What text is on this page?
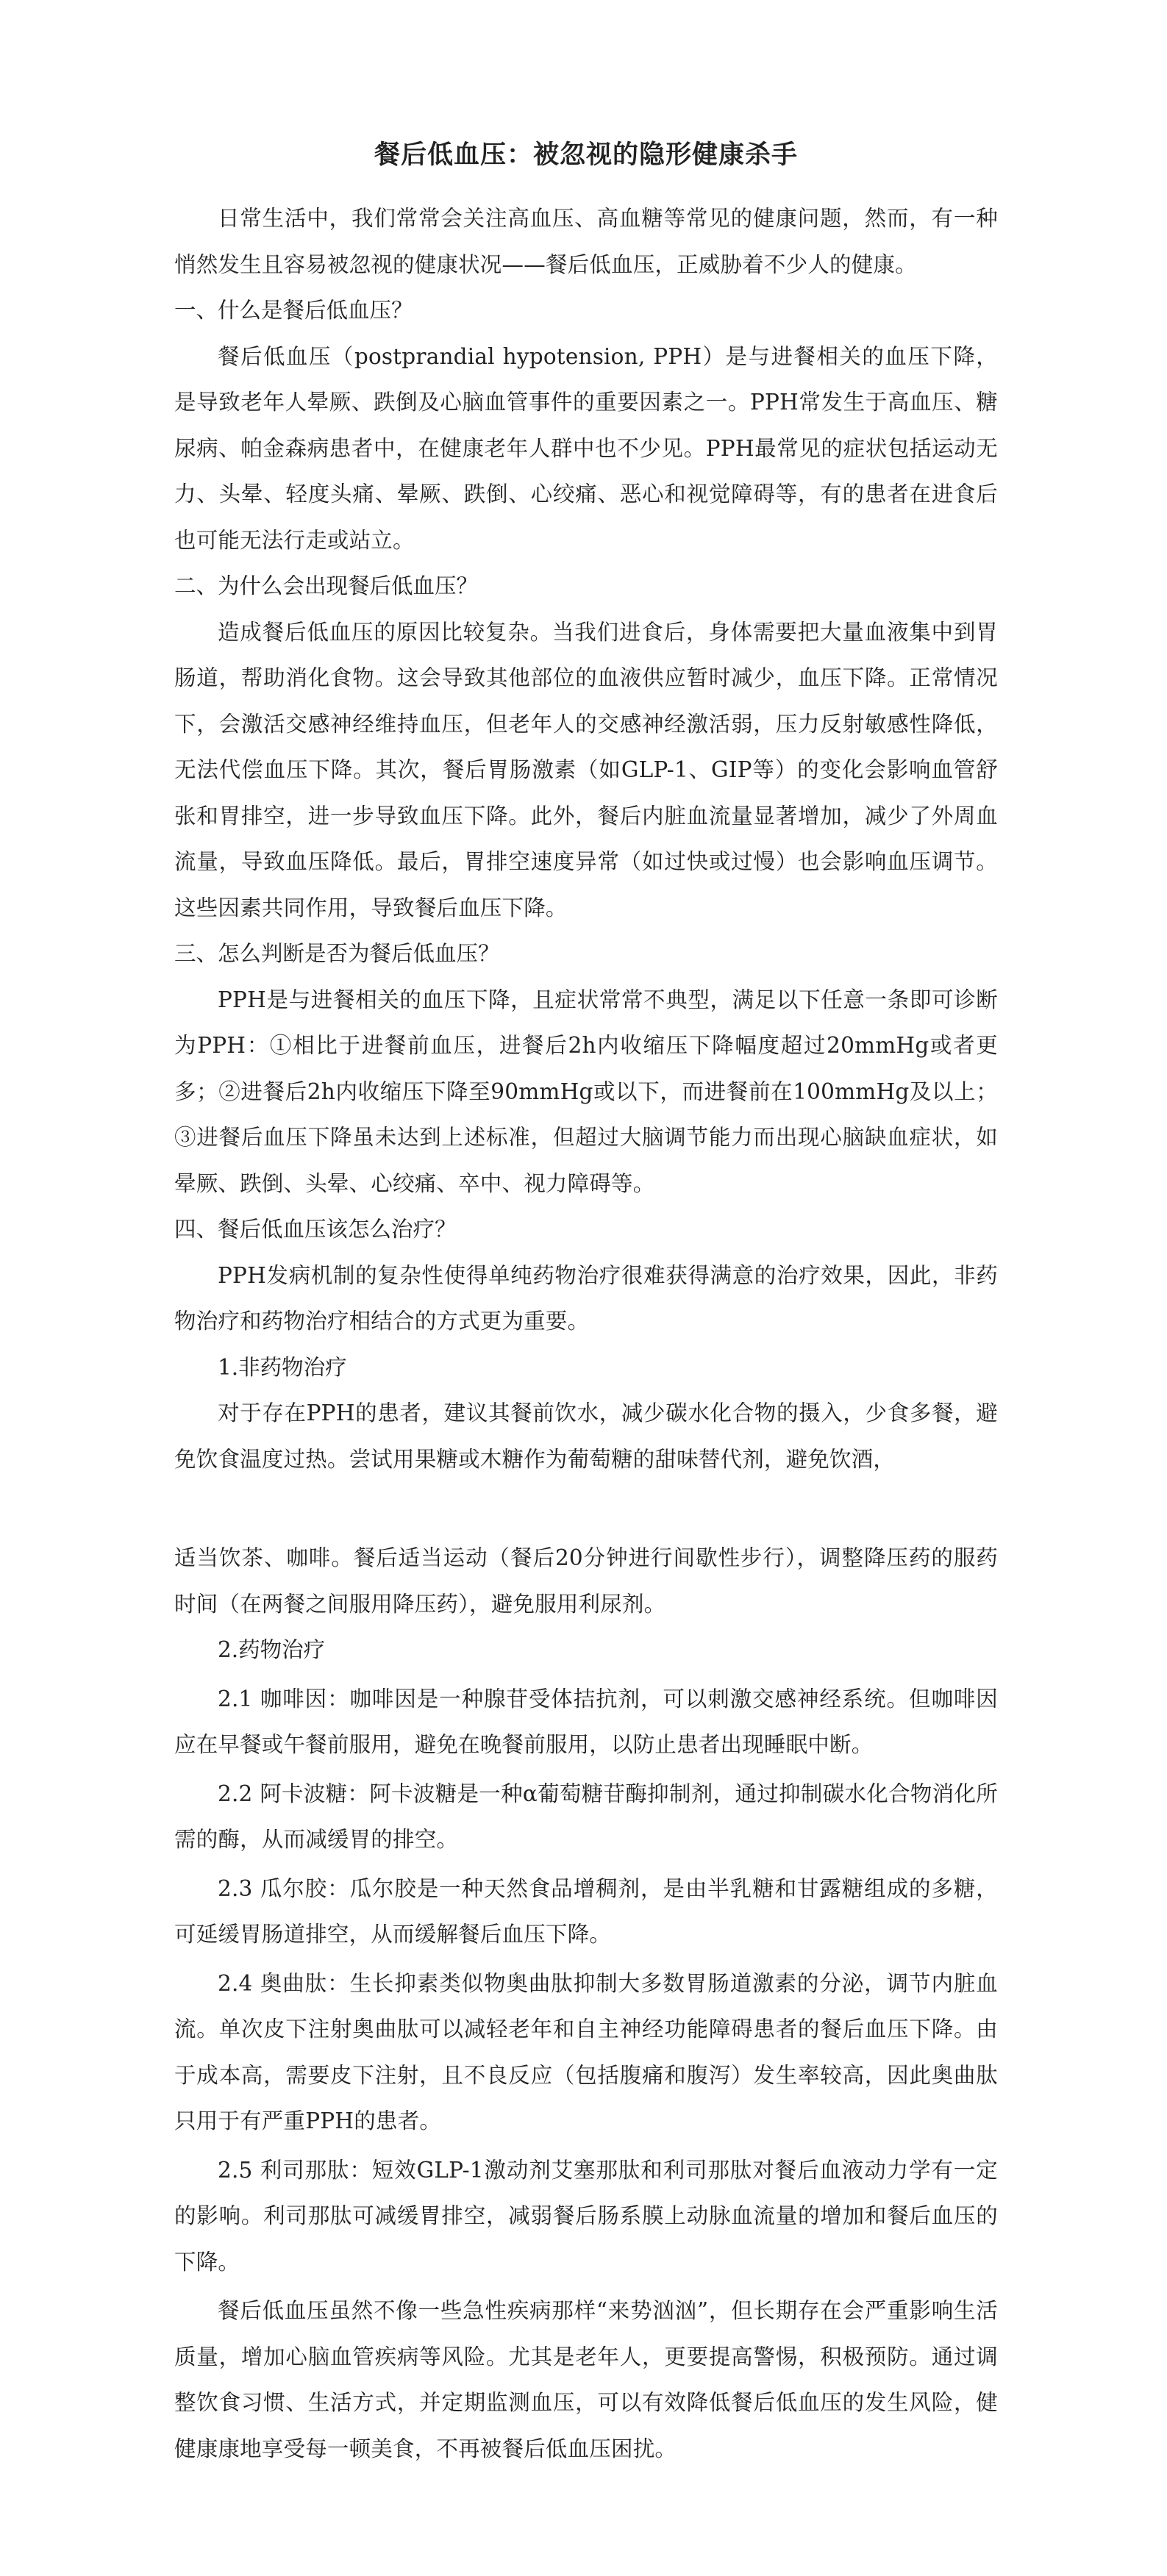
餐后低血压：被忽视的隐形健康杀手

日常生活中，我们常常会关注高血压、高血糖等常见的健康问题，然而，有一种悄然发生且容易被忽视的健康状况——餐后低血压，正威胁着不少人的健康。

一、什么是餐后低血压？

餐后低血压（postprandial hypotension, PPH）是与进餐相关的血压下降，是导致老年人晕厥、跌倒及心脑血管事件的重要因素之一。PPH常发生于高血压、糖尿病、帕金森病患者中，在健康老年人群中也不少见。PPH最常见的症状包括运动无力、头晕、轻度头痛、晕厥、跌倒、心绞痛、恶心和视觉障碍等，有的患者在进食后也可能无法行走或站立。

二、为什么会出现餐后低血压？

造成餐后低血压的原因比较复杂。当我们进食后，身体需要把大量血液集中到胃肠道，帮助消化食物。这会导致其他部位的血液供应暂时减少，血压下降。正常情况下，会激活交感神经维持血压，但老年人的交感神经激活弱，压力反射敏感性降低，无法代偿血压下降。其次，餐后胃肠激素（如GLP-1、GIP等）的变化会影响血管舒张和胃排空，进一步导致血压下降。此外，餐后内脏血流量显著增加，减少了外周血流量，导致血压降低。最后，胃排空速度异常（如过快或过慢）也会影响血压调节。这些因素共同作用，导致餐后血压下降。

三、怎么判断是否为餐后低血压？

PPH是与进餐相关的血压下降，且症状常常不典型，满足以下任意一条即可诊断为PPH：①相比于进餐前血压，进餐后2h内收缩压下降幅度超过20mmHg或者更多；②进餐后2h内收缩压下降至90mmHg或以下，而进餐前在100mmHg及以上；③进餐后血压下降虽未达到上述标准，但超过大脑调节能力而出现心脑缺血症状，如晕厥、跌倒、头晕、心绞痛、卒中、视力障碍等。

四、餐后低血压该怎么治疗？

PPH发病机制的复杂性使得单纯药物治疗很难获得满意的治疗效果，因此，非药物治疗和药物治疗相结合的方式更为重要。

1.非药物治疗

对于存在PPH的患者，建议其餐前饮水，减少碳水化合物的摄入，少食多餐，避免饮食温度过热。尝试用果糖或木糖作为葡萄糖的甜味替代剂，避免饮酒，

适当饮茶、咖啡。餐后适当运动（餐后20分钟进行间歇性步行），调整降压药的服药时间（在两餐之间服用降压药），避免服用利尿剂。

2.药物治疗

2.1 咖啡因：咖啡因是一种腺苷受体拮抗剂，可以刺激交感神经系统。但咖啡因应在早餐或午餐前服用，避免在晚餐前服用，以防止患者出现睡眠中断。

2.2 阿卡波糖：阿卡波糖是一种α葡萄糖苷酶抑制剂，通过抑制碳水化合物消化所需的酶，从而减缓胃的排空。

2.3 瓜尔胶：瓜尔胶是一种天然食品增稠剂，是由半乳糖和甘露糖组成的多糖，可延缓胃肠道排空，从而缓解餐后血压下降。

2.4 奥曲肽：生长抑素类似物奥曲肽抑制大多数胃肠道激素的分泌，调节内脏血流。单次皮下注射奥曲肽可以减轻老年和自主神经功能障碍患者的餐后血压下降。由于成本高，需要皮下注射，且不良反应（包括腹痛和腹泻）发生率较高，因此奥曲肽只用于有严重PPH的患者。

2.5 利司那肽：短效GLP-1激动剂艾塞那肽和利司那肽对餐后血液动力学有一定的影响。利司那肽可减缓胃排空，减弱餐后肠系膜上动脉血流量的增加和餐后血压的下降。

餐后低血压虽然不像一些急性疾病那样“来势汹汹”，但长期存在会严重影响生活质量，增加心脑血管疾病等风险。尤其是老年人，更要提高警惕，积极预防。通过调整饮食习惯、生活方式，并定期监测血压，可以有效降低餐后低血压的发生风险，健健康康地享受每一顿美食，不再被餐后低血压困扰。
